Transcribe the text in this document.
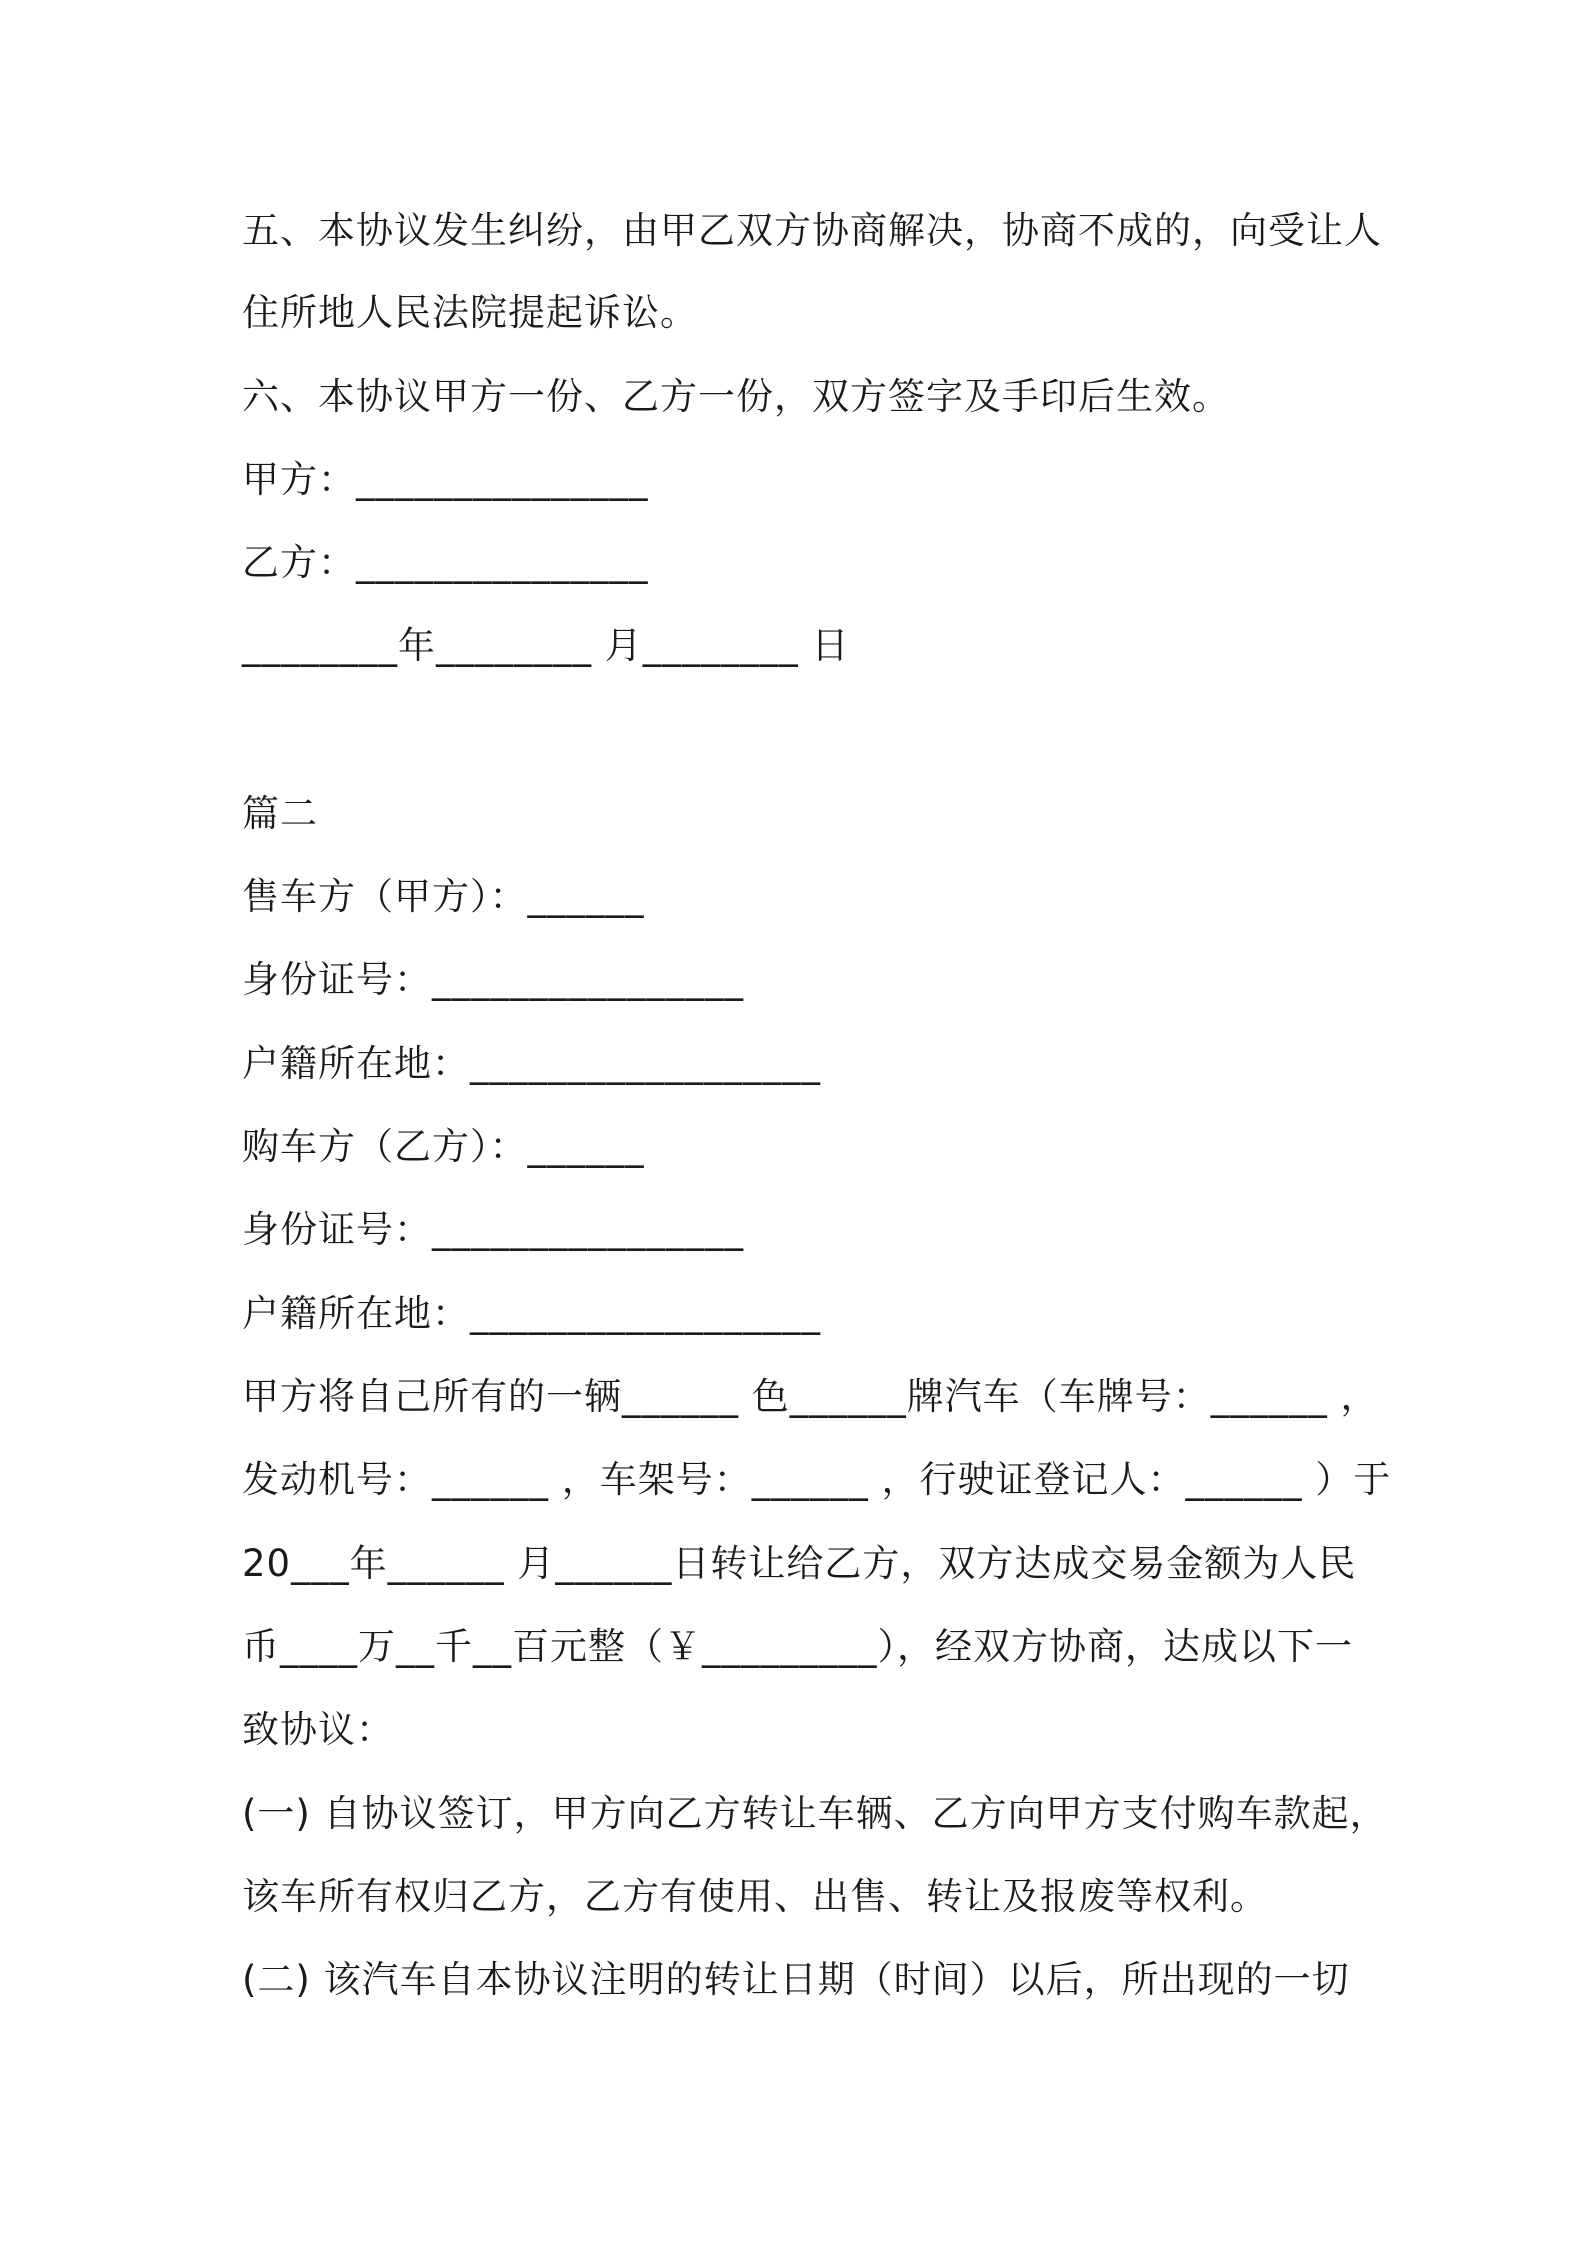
五、本协议发生纠纷，由甲乙双方协商解决，协商不成的，向受让人
住所地人民法院提起诉讼。
六、本协议甲方一份、乙方一份，双方签字及手印后生效。
甲方：_______________
乙方：_______________
________年________ 月________ 日
篇二
售车方（甲方）：______
身份证号：________________
户籍所在地：__________________
购车方（乙方）：______
身份证号：________________
户籍所在地：__________________
甲方将自己所有的一辆______ 色______牌汽车（车牌号：______ ，
发动机号：______ ，车架号：______ ，行驶证登记人：______ ）于
20___年______ 月______日转让给乙方，双方达成交易金额为人民
币____万__千__百元整（￥_________），经双方协商，达成以下一
致协议：
(一) 自协议签订，甲方向乙方转让车辆、乙方向甲方支付购车款起，
该车所有权归乙方，乙方有使用、出售、转让及报废等权利。
(二) 该汽车自本协议注明的转让日期（时间）以后，所出现的一切
